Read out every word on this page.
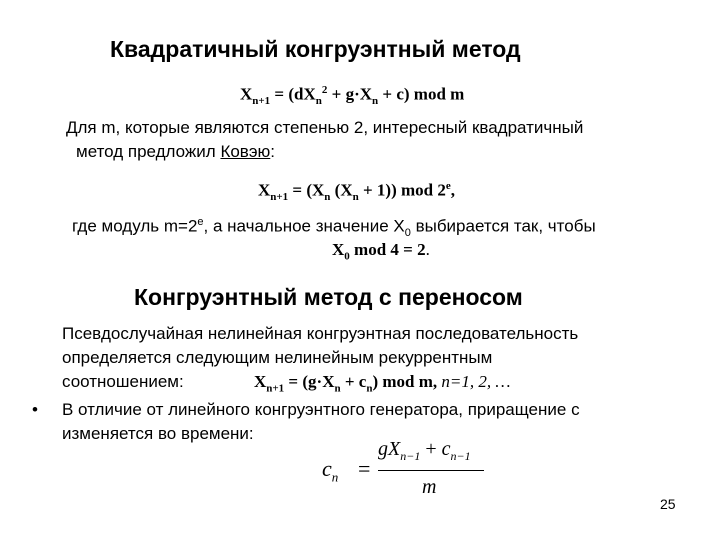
Квадратичный конгруэнтный метод
$X_{n+1} = (dX_n^2 + g\cdot X_n + c)$ mod m
Для m, которые являются степенью 2, интересный квадратичный
метод предложил Ковэю:
$X_{n+1} = (X_n$ $(X_n + 1)$) mod 2e,
где модуль $m=2^e$, а начальное значение $X_0$ выбирается так, чтобы
$X_0$ mod 4 = 2.
Конгруэнтный метод с переносом
Псевдослучайная нелинейная конгруэнтная последовательность
определяется следующим нелинейным рекуррентным
соотношением:	$X_{n+1} = (g\cdot X_n + c_n)$ mod m, n=1, 2, …
• В отличие от линейного конгруэнтного генератора, приращение с
изменяется во времени:
$c_n$ =
$gX_{n-1} + c_{n-1}$
m
25
